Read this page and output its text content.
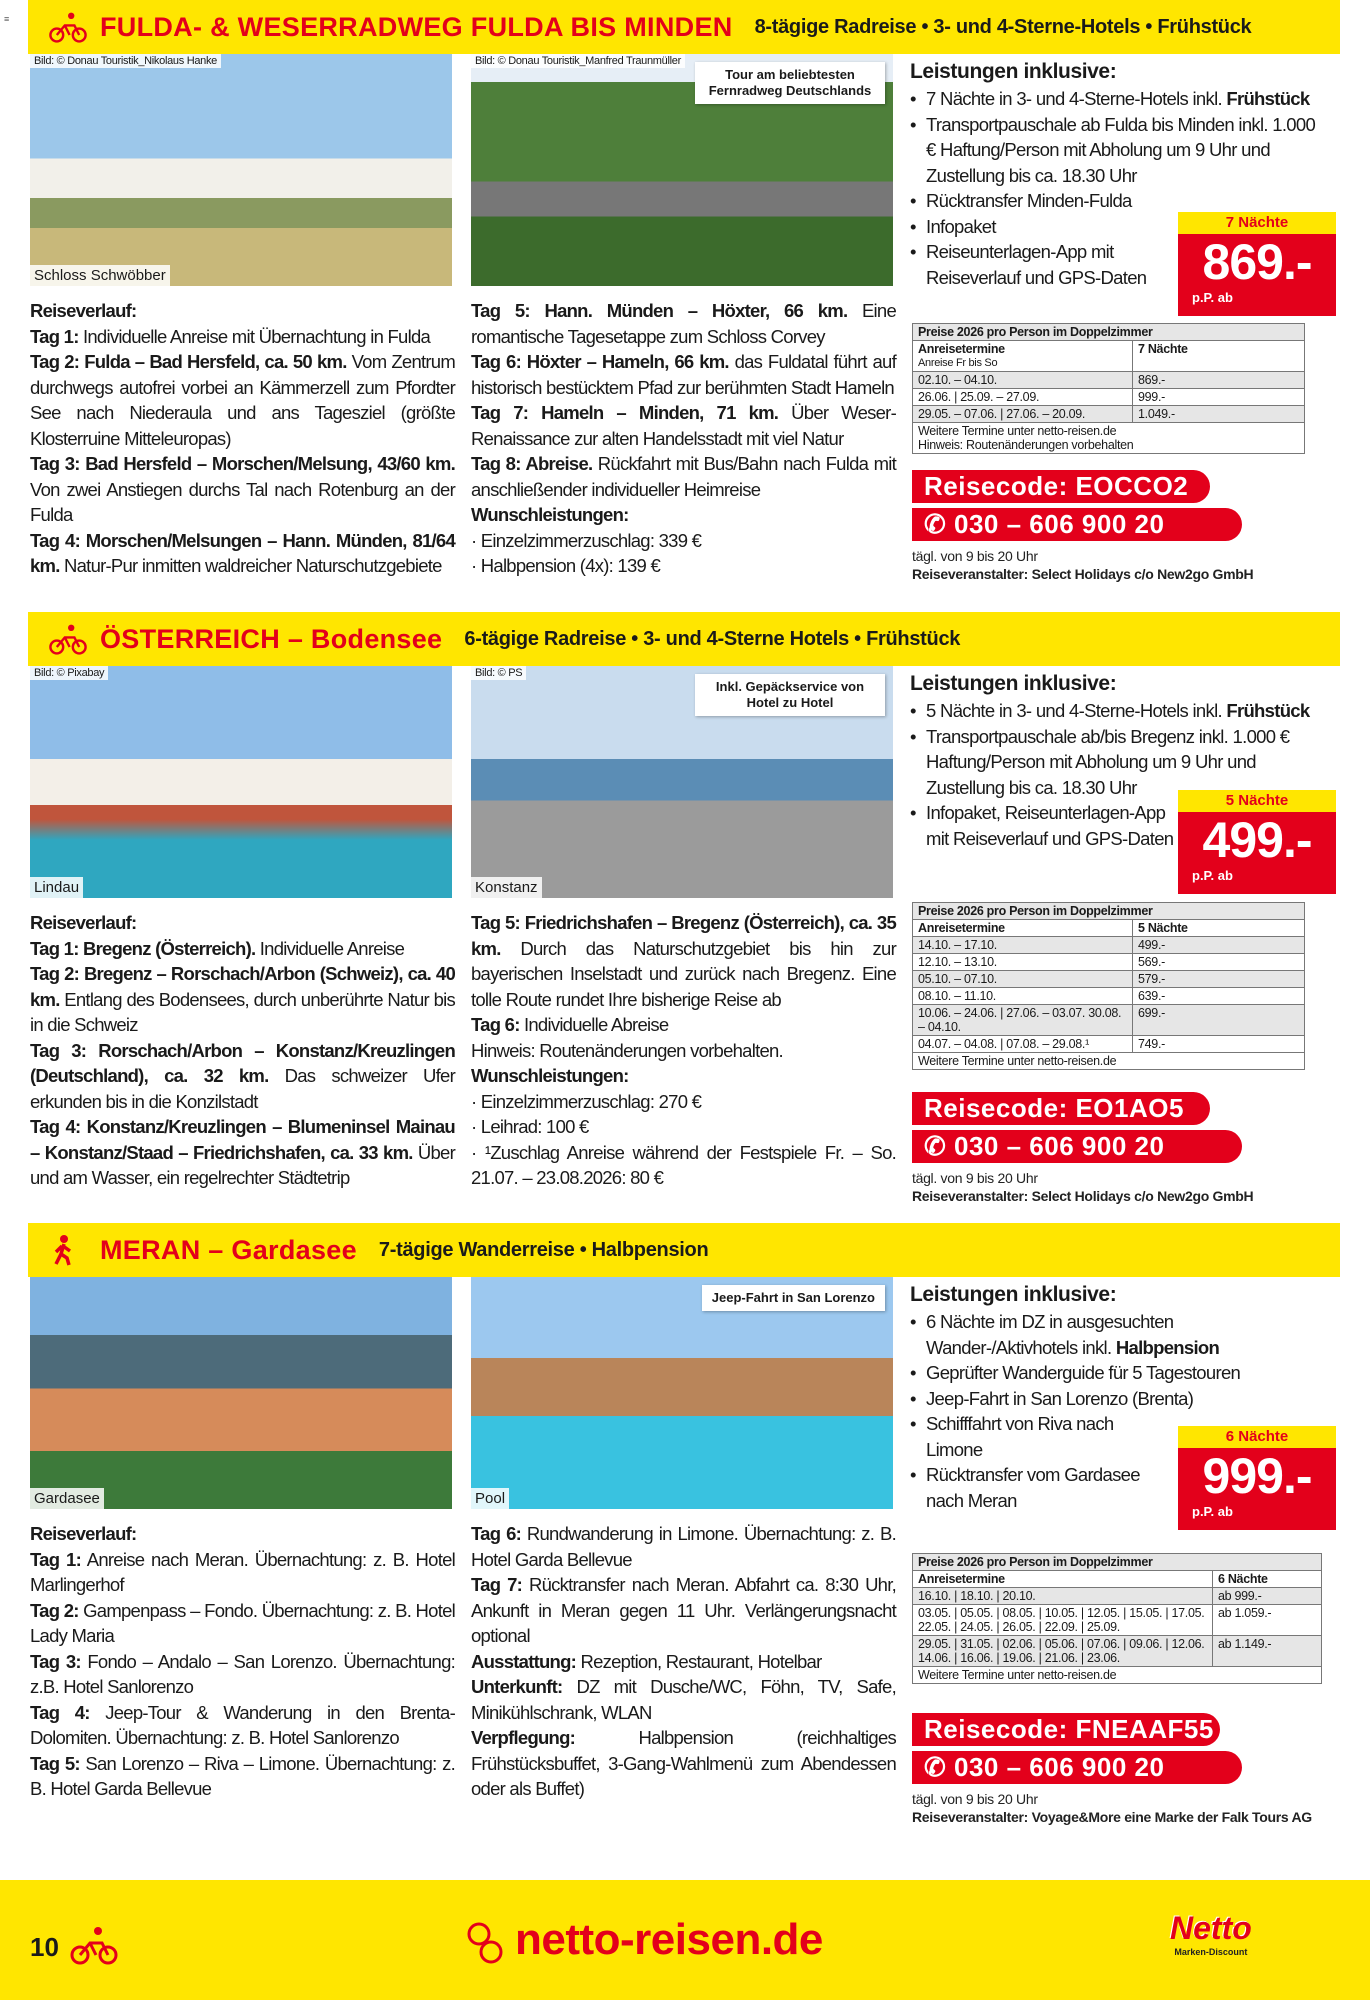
≡	FULDA- & WESERRADWEG FULDA BIS MINDEN 8-tägige Radreise • 3- und 4-Sterne-Hotels • Frühstück
Bild: © Donau Touristik_Nikolaus Hanke
Schloss Schwöbber
Bild: © Donau Touristik_Manfred Traunmüller
Tour am beliebtesten Fernradweg Deutschlands
Reiseverlauf:
Tag 1: Individuelle Anreise mit Übernachtung in Fulda
Tag 2: Fulda – Bad Hersfeld, ca. 50 km. Vom Zentrum durchwegs autofrei vorbei an Kämmerzell zum Pfordter See nach Niederaula und ans Tagesziel (größte Klosterruine Mitteleuropas)
Tag 3: Bad Hersfeld – Morschen/Melsung, 43/60 km. Von zwei Anstiegen durchs Tal nach Rotenburg an der Fulda
Tag 4: Morschen/Melsungen – Hann. Münden, 81/64 km. Natur-Pur inmitten waldreicher Naturschutzgebiete
Tag 5: Hann. Münden – Höxter, 66 km. Eine romantische Tagesetappe zum Schloss Corvey
Tag 6: Höxter – Hameln, 66 km. das Fuldatal führt auf historisch bestücktem Pfad zur berühmten Stadt Hameln
Tag 7: Hameln – Minden, 71 km. Über Weser-Renaissance zur alten Handelsstadt mit viel Natur
Tag 8: Abreise. Rückfahrt mit Bus/Bahn nach Fulda mit anschließender individueller Heimreise
Wunschleistungen:
· Einzelzimmerzuschlag: 339 €
· Halbpension (4x): 139 €
Leistungen inklusive:
• 7 Nächte in 3- und 4-Sterne-Hotels inkl. Frühstück
• Transportpauschale ab Fulda bis Minden inkl. 1.000 € Haftung/Person mit Abholung um 9 Uhr und Zustellung bis ca. 18.30 Uhr
• Rücktransfer Minden-Fulda
• Infopaket
• Reiseunterlagen-App mit Reiseverlauf und GPS-Daten
7 Nächte
869.-
p.P. ab
Preise 2026 pro Person im Doppelzimmer	

Anreisetermine
Anreise Fr bis So	7 Nächte
02.10. – 04.10.	869.-
26.06. | 25.09. – 27.09.	999.-
29.05. – 07.06. | 27.06. – 20.09.	1.049.-

Weitere Termine unter netto-reisen.de
Hinweis: Routenänderungen vorbehalten	
Reisecode: EOCCO2
✆ 030 – 606 900 20
tägl. von 9 bis 20 Uhr
Reiseveranstalter: Select Holidays c/o New2go GmbH
ÖSTERREICH – Bodensee 6-tägige Radreise • 3- und 4-Sterne Hotels • Frühstück
Bild: © Pixabay
Lindau
Bild: © PS
Konstanz
Inkl. Gepäckservice von Hotel zu Hotel
Reiseverlauf:
Tag 1: Bregenz (Österreich). Individuelle Anreise
Tag 2: Bregenz – Rorschach/Arbon (Schweiz), ca. 40 km. Entlang des Bodensees, durch unberührte Natur bis in die Schweiz
Tag 3: Rorschach/Arbon – Konstanz/Kreuzlingen (Deutschland), ca. 32 km. Das schweizer Ufer erkunden bis in die Konzilstadt
Tag 4: Konstanz/Kreuzlingen – Blumeninsel Mainau – Konstanz/Staad – Friedrichshafen, ca. 33 km. Über und am Wasser, ein regelrechter Städtetrip
Tag 5: Friedrichshafen – Bregenz (Österreich), ca. 35 km. Durch das Naturschutzgebiet bis hin zur bayerischen Inselstadt und zurück nach Bregenz. Eine tolle Route rundet Ihre bisherige Reise ab
Tag 6: Individuelle Abreise
Hinweis: Routenänderungen vorbehalten.
Wunschleistungen:
· Einzelzimmerzuschlag: 270 €
· Leihrad: 100 €
· ¹Zuschlag Anreise während der Festspiele Fr. – So. 21.07. – 23.08.2026: 80 €
Leistungen inklusive:
• 5 Nächte in 3- und 4-Sterne-Hotels inkl. Frühstück
• Transportpauschale ab/bis Bregenz inkl. 1.000 € Haftung/Person mit Abholung um 9 Uhr und Zustellung bis ca. 18.30 Uhr
• Infopaket, Reiseunterlagen-App mit Reiseverlauf und GPS-Daten
5 Nächte
499.-
p.P. ab
Preise 2026 pro Person im Doppelzimmer	

Anreisetermine	5 Nächte
14.10. – 17.10.	499.-
12.10. – 13.10.	569.-
05.10. – 07.10.	579.-
08.10. – 11.10.	639.-
10.06. – 24.06. | 27.06. – 03.07. 30.08. – 04.10.	699.-
04.07. – 04.08. | 07.08. – 29.08.¹	749.-

Weitere Termine unter netto-reisen.de	
Reisecode: EO1AO5
✆ 030 – 606 900 20
tägl. von 9 bis 20 Uhr
Reiseveranstalter: Select Holidays c/o New2go GmbH
MERAN – Gardasee 7-tägige Wanderreise • Halbpension
Gardasee	Pool
Jeep-Fahrt in San Lorenzo
Reiseverlauf:
Tag 1: Anreise nach Meran. Übernachtung: z. B. Hotel Marlingerhof
Tag 2: Gampenpass – Fondo. Übernachtung: z. B. Hotel Lady Maria
Tag 3: Fondo – Andalo – San Lorenzo. Übernachtung: z.B. Hotel Sanlorenzo
Tag 4: Jeep-Tour & Wanderung in den Brenta-Dolomiten. Übernachtung: z. B. Hotel Sanlorenzo
Tag 5: San Lorenzo – Riva – Limone. Übernachtung: z. B. Hotel Garda Bellevue
Tag 6: Rundwanderung in Limone. Übernachtung: z. B. Hotel Garda Bellevue
Tag 7: Rücktransfer nach Meran. Abfahrt ca. 8:30 Uhr, Ankunft in Meran gegen 11 Uhr. Verlängerungsnacht optional
Ausstattung: Rezeption, Restaurant, Hotelbar
Unterkunft: DZ mit Dusche/WC, Föhn, TV, Safe, Minikühlschrank, WLAN
Verpflegung: Halbpension (reichhaltiges Frühstücksbuffet, 3-Gang-Wahlmenü zum Abendessen oder als Buffet)
Leistungen inklusive:
• 6 Nächte im DZ in ausgesuchten Wander-/Aktivhotels inkl. Halbpension
• Geprüfter Wanderguide für 5 Tagestouren
• Jeep-Fahrt in San Lorenzo (Brenta)
• Schifffahrt von Riva nach Limone
• Rücktransfer vom Gardasee nach Meran
6 Nächte
999.-
p.P. ab
Preise 2026 pro Person im Doppelzimmer	

Anreisetermine	6 Nächte
16.10. | 18.10. | 20.10.	ab 999.-
03.05. | 05.05. | 08.05. | 10.05. | 12.05. | 15.05. | 17.05. 22.05. | 24.05. | 26.05. | 22.09. | 25.09.	ab 1.059.-
29.05. | 31.05. | 02.06. | 05.06. | 07.06. | 09.06. | 12.06. 14.06. | 16.06. | 19.06. | 21.06. | 23.06.	ab 1.149.-

Weitere Termine unter netto-reisen.de	
Reisecode: FNEAAF55
✆ 030 – 606 900 20
tägl. von 9 bis 20 Uhr
Reiseveranstalter: Voyage&More eine Marke der Falk Tours AG
10	netto-reisen.de	Netto
Marken-Discount
